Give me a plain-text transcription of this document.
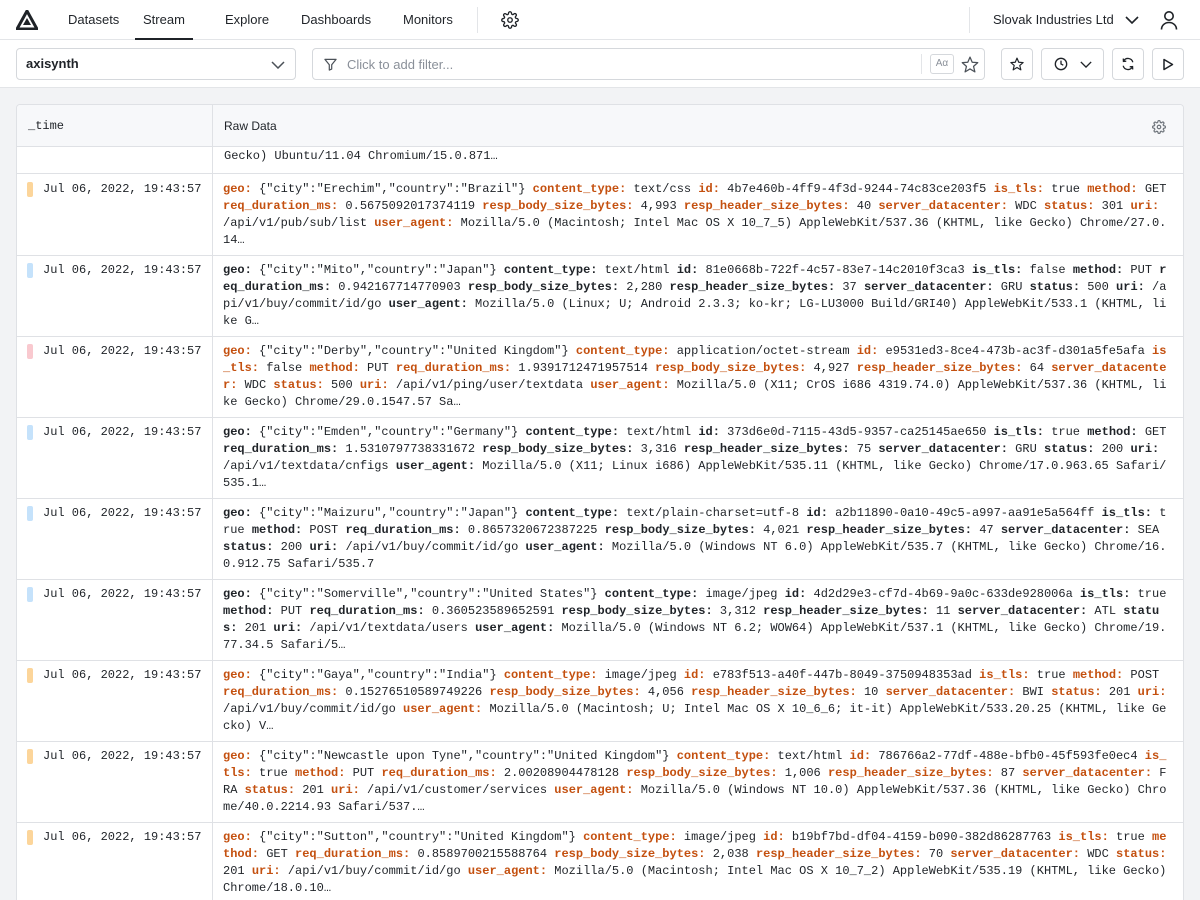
Datasets	Stream	Explore Dashboards Monitors	Slovak Industries Ltd
axisynth
Click to add filter...	Aα
_time	Raw Data
Gecko) Ubuntu/11.04 Chromium/15.0.871…
Jul 06, 2022, 19:43:57 geo: {"city":"Erechim","country":"Brazil"} content_type: text/css id: 4b7e460b-4ff9-4f3d-9244-74c83ce203f5 is_tls: true method: GET req_duration_ms: 0.5675092017374119 resp_body_size_bytes: 4,993 resp_header_size_bytes: 40 server_datacenter: WDC status: 301 uri: /api/v1/pub/sub/list user_agent: Mozilla/5.0 (Macintosh; Intel Mac OS X 10_7_5) AppleWebKit/537.36 (KHTML, like Gecko) Chrome/27.0.14…
Jul 06, 2022, 19:43:57 geo: {"city":"Mito","country":"Japan"} content_type: text/html id: 81e0668b-722f-4c57-83e7-14c2010f3ca3 is_tls: false method: PUT req_duration_ms: 0.942167714770903 resp_body_size_bytes: 2,280 resp_header_size_bytes: 37 server_datacenter: GRU status: 500 uri: /api/v1/buy/commit/id/go user_agent: Mozilla/5.0 (Linux; U; Android 2.3.3; ko-kr; LG-LU3000 Build/GRI40) AppleWebKit/533.1 (KHTML, like G…
Jul 06, 2022, 19:43:57 geo: {"city":"Derby","country":"United Kingdom"} content_type: application/octet-stream id: e9531ed3-8ce4-473b-ac3f-d301a5fe5afa is_tls: false method: PUT req_duration_ms: 1.9391712471957514 resp_body_size_bytes: 4,927 resp_header_size_bytes: 64 server_datacenter: WDC status: 500 uri: /api/v1/ping/user/textdata user_agent: Mozilla/5.0 (X11; CrOS i686 4319.74.0) AppleWebKit/537.36 (KHTML, like Gecko) Chrome/29.0.1547.57 Sa…
Jul 06, 2022, 19:43:57 geo: {"city":"Emden","country":"Germany"} content_type: text/html id: 373d6e0d-7115-43d5-9357-ca25145ae650 is_tls: true method: GET req_duration_ms: 1.5310797738331672 resp_body_size_bytes: 3,316 resp_header_size_bytes: 75 server_datacenter: GRU status: 200 uri: /api/v1/textdata/cnfigs user_agent: Mozilla/5.0 (X11; Linux i686) AppleWebKit/535.11 (KHTML, like Gecko) Chrome/17.0.963.65 Safari/535.1…
Jul 06, 2022, 19:43:57 geo: {"city":"Maizuru","country":"Japan"} content_type: text/plain-charset=utf-8 id: a2b11890-0a10-49c5-a997-aa91e5a564ff is_tls: true method: POST req_duration_ms: 0.8657320672387225 resp_body_size_bytes: 4,021 resp_header_size_bytes: 47 server_datacenter: SEA status: 200 uri: /api/v1/buy/commit/id/go user_agent: Mozilla/5.0 (Windows NT 6.0) AppleWebKit/535.7 (KHTML, like Gecko) Chrome/16.0.912.75 Safari/535.7
Jul 06, 2022, 19:43:57 geo: {"city":"Somerville","country":"United States"} content_type: image/jpeg id: 4d2d29e3-cf7d-4b69-9a0c-633de928006a is_tls: true method: PUT req_duration_ms: 0.360523589652591 resp_body_size_bytes: 3,312 resp_header_size_bytes: 11 server_datacenter: ATL status: 201 uri: /api/v1/textdata/users user_agent: Mozilla/5.0 (Windows NT 6.2; WOW64) AppleWebKit/537.1 (KHTML, like Gecko) Chrome/19.77.34.5 Safari/5…
Jul 06, 2022, 19:43:57 geo: {"city":"Gaya","country":"India"} content_type: image/jpeg id: e783f513-a40f-447b-8049-3750948353ad is_tls: true method: POST req_duration_ms: 0.15276510589749226 resp_body_size_bytes: 4,056 resp_header_size_bytes: 10 server_datacenter: BWI status: 201 uri: /api/v1/buy/commit/id/go user_agent: Mozilla/5.0 (Macintosh; U; Intel Mac OS X 10_6_6; it-it) AppleWebKit/533.20.25 (KHTML, like Gecko) V…
Jul 06, 2022, 19:43:57 geo: {"city":"Newcastle upon Tyne","country":"United Kingdom"} content_type: text/html id: 786766a2-77df-488e-bfb0-45f593fe0ec4 is_tls: true method: PUT req_duration_ms: 2.00208904478128 resp_body_size_bytes: 1,006 resp_header_size_bytes: 87 server_datacenter: FRA status: 201 uri: /api/v1/customer/services user_agent: Mozilla/5.0 (Windows NT 10.0) AppleWebKit/537.36 (KHTML, like Gecko) Chrome/40.0.2214.93 Safari/537.…
Jul 06, 2022, 19:43:57 geo: {"city":"Sutton","country":"United Kingdom"} content_type: image/jpeg id: b19bf7bd-df04-4159-b090-382d86287763 is_tls: true method: GET req_duration_ms: 0.8589700215588764 resp_body_size_bytes: 2,038 resp_header_size_bytes: 70 server_datacenter: WDC status: 201 uri: /api/v1/buy/commit/id/go user_agent: Mozilla/5.0 (Macintosh; Intel Mac OS X 10_7_2) AppleWebKit/535.19 (KHTML, like Gecko) Chrome/18.0.10…
